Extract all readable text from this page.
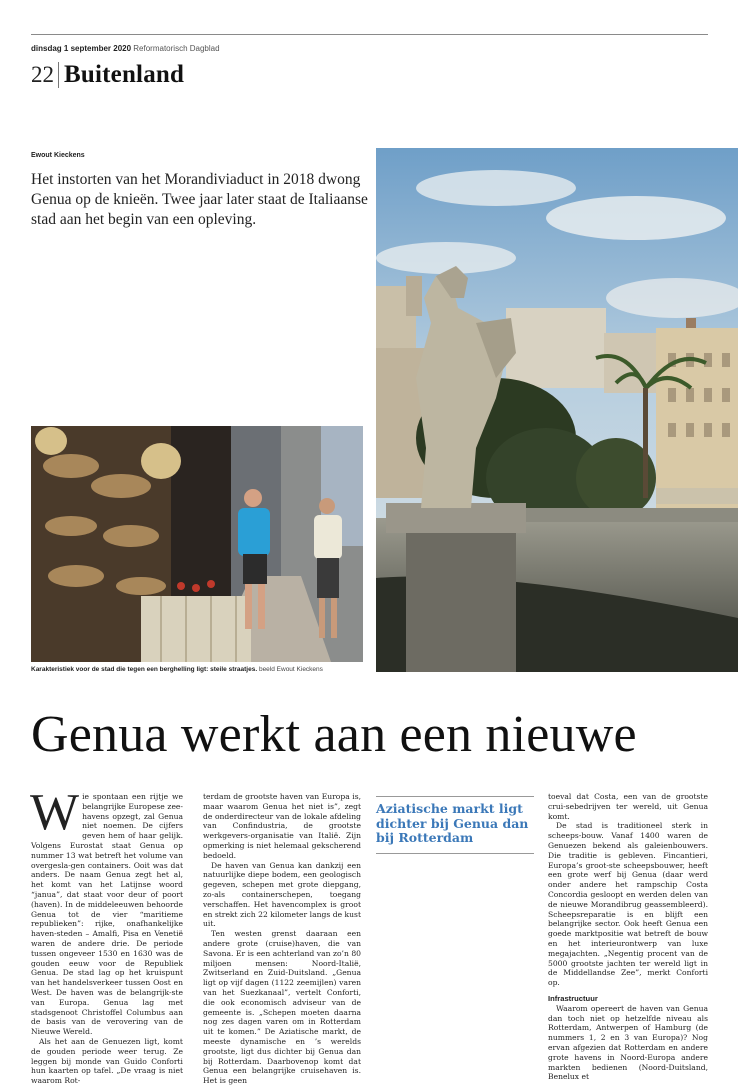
dinsdag 1 september 2020 Reformatorisch Dagblad
22 Buitenland
Ewout Kieckens
Het instorten van het Morandiviaduct in 2018 dwong Genua op de knieën. Twee jaar later staat de Italiaanse stad aan het begin van een opleving.
Karakteristiek voor de stad die tegen een berghelling ligt: steile straatjes. beeld Ewout Kieckens
Genua werkt aan een nieuwe

W ie spontaan een rijtje we belangrijke Europese zee-havens opzegt, zal Genua niet noemen. De cijfers geven hem of haar gelijk. Volgens Eurostat staat Genua op nummer 13 wat betreft het volume van overgesla-gen containers. Ooit was dat anders. De naam Genua zegt het al, het komt van het Latijnse woord “janua”, dat staat voor deur of poort (haven). In de middeleeuwen behoorde Genua tot de vier “maritieme republieken”: rijke, onafhankelijke haven-steden – Amalfi, Pisa en Venetië waren de andere drie. De periode tussen ongeveer 1530 en 1630 was de gouden eeuw voor de Republiek Genua. De stad lag op het kruispunt van het handelsverkeer tussen Oost en West. De haven was de belangrijk-ste van Europa. Genua lag met stadsgenoot Christoffel Columbus aan de basis van de verovering van de Nieuwe Wereld.

Als het aan de Genuezen ligt, komt de gouden periode weer terug. Ze leggen bij monde van Guido Conforti hun kaarten op tafel. „De vraag is niet waarom Rot-

terdam de grootste haven van Europa is, maar waarom Genua het niet is”, zegt de onderdirecteur van de lokale afdeling van Confindustria, de grootste werkgevers-organisatie van Italië. Zijn opmerking is niet helemaal gekscherend bedoeld.

De haven van Genua kan dankzij een natuurlijke diepe bodem, een geologisch gegeven, schepen met grote diepgang, zo-als containerschepen, toegang verschaffen. Het havencomplex is groot en strekt zich 22 kilometer langs de kust uit.

Ten westen grenst daaraan een andere grote (cruise)haven, die van Savona. Er is een achterland van zo’n 80 miljoen mensen: Noord-Italië, Zwitserland en Zuid-Duitsland. „Genua ligt op vijf dagen (1122 zeemijlen) varen van het Suezkanaal”, vertelt Conforti, die ook economisch adviseur van de gemeente is. „Schepen moeten daarna nog zes dagen varen om in Rotterdam uit te komen.” De Aziatische markt, de meeste dynamische en ’s werelds grootste, ligt dus dichter bij Genua dan bij Rotterdam. Daarbovenop komt dat Genua een belangrijke cruisehaven is. Het is geen

Aziatische markt ligt dichter bij Genua dan bij Rotterdam

toeval dat Costa, een van de grootste crui-sebedrijven ter wereld, uit Genua komt.

De stad is traditioneel sterk in scheeps-bouw. Vanaf 1400 waren de Genuezen bekend als galeienbouwers. Die traditie is gebleven. Fincantieri, Europa’s groot-ste scheepsbouwer, heeft een grote werf bij Genua (daar werd onder andere het rampschip Costa Concordia gesloopt en werden delen van de nieuwe Morandibrug geassembleerd). Scheepsreparatie is en blijft een belangrijke sector. Ook heeft Genua een goede marktpositie wat betreft de bouw en het interieurontwerp van luxe megajachten. „Negentig procent van de 5000 grootste jachten ter wereld ligt in de Middellandse Zee”, merkt Conforti op.

Infrastructuur

Waarom opereert de haven van Genua dan toch niet op hetzelfde niveau als Rotterdam, Antwerpen of Hamburg (de nummers 1, 2 en 3 van Europa)? Nog ervan afgezien dat Rotterdam en andere grote havens in Noord-Europa andere markten bedienen (Noord-Duitsland, Benelux et
